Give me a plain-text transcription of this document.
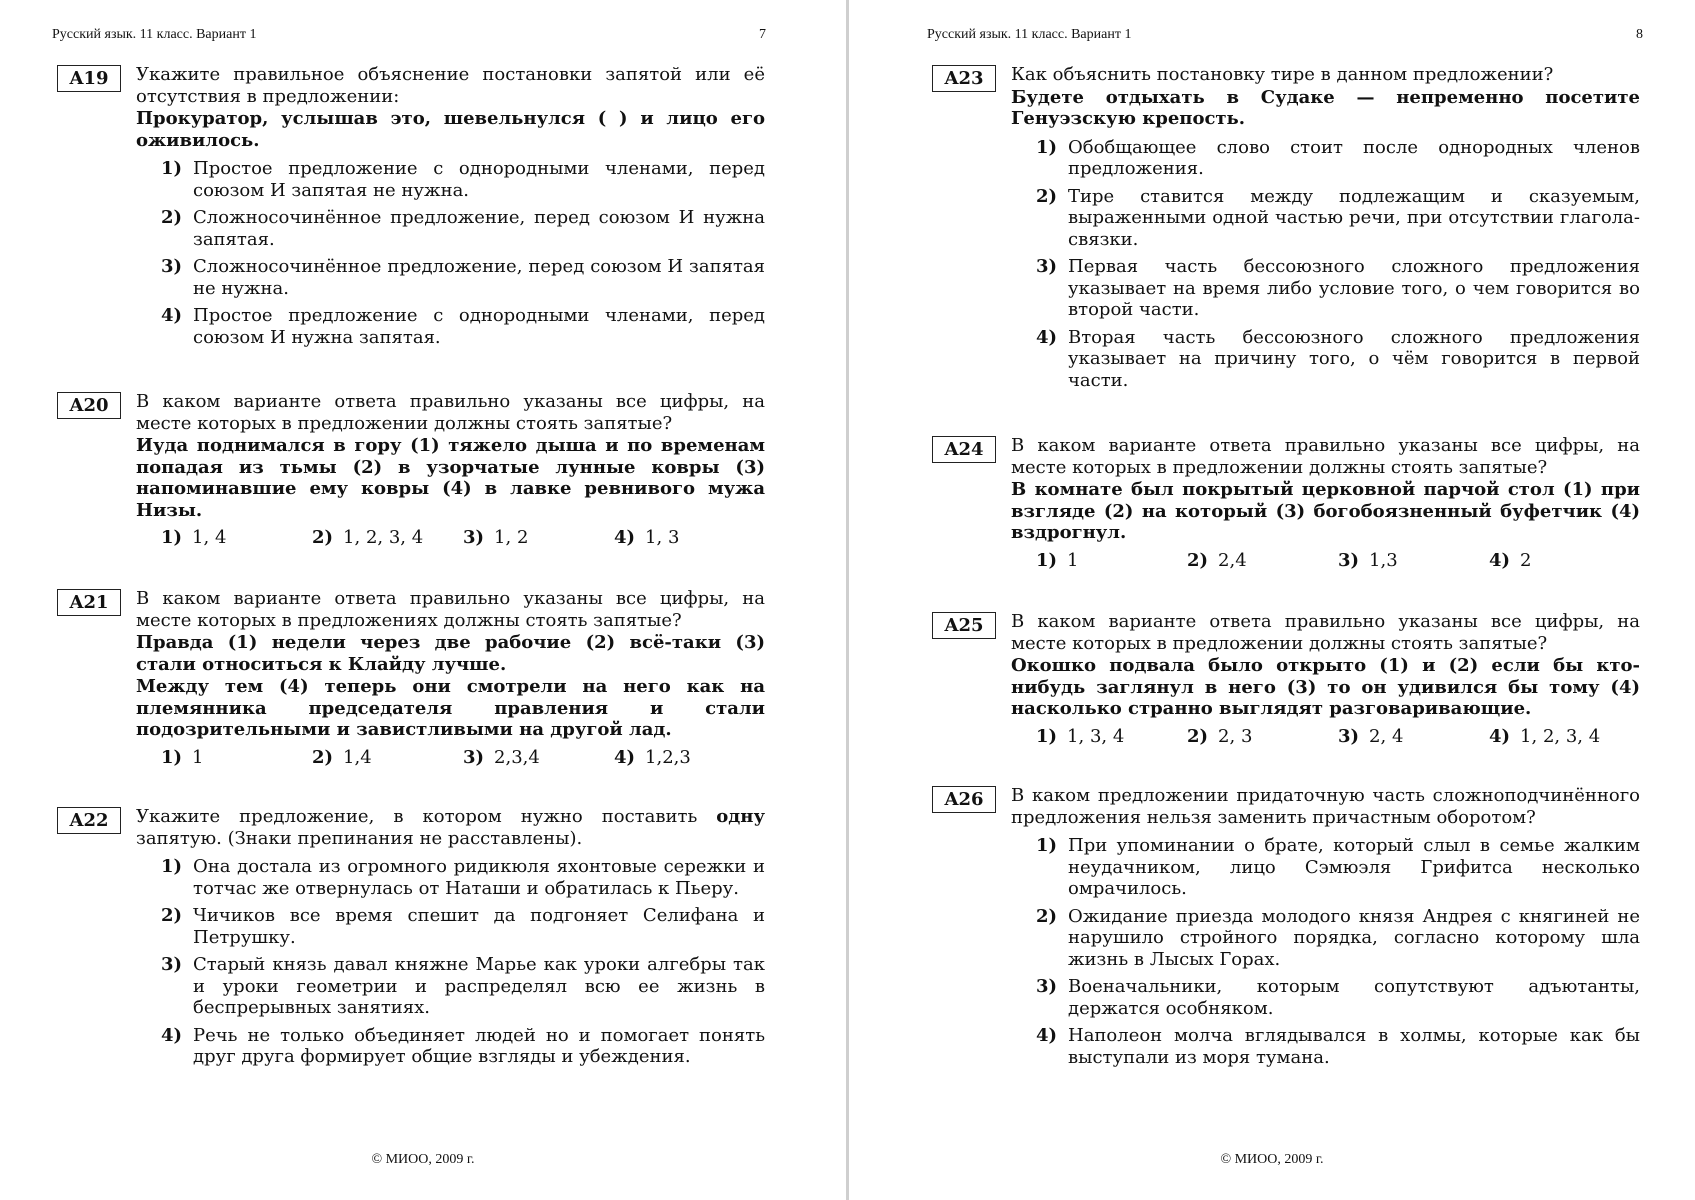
Русский язык. 11 класс. Вариант 1	7
A19	Укажите правильное объяснение постановки запятой или её отсутствия в предложении:
Прокуратор, услышав это, шевельнулся ( ) и лицо его оживилось.
1) Простое предложение с однородными членами, перед союзом И запятая не нужна.
2) Сложносочинённое предложение, перед союзом И нужна запятая.
3) Сложносочинённое предложение, перед союзом И запятая не нужна.
4) Простое предложение с однородными членами, перед союзом И нужна запятая.
A20	В каком варианте ответа правильно указаны все цифры, на месте которых в предложении должны стоять запятые?
Иуда поднимался в гору (1) тяжело дыша и по временам попадая из тьмы (2) в узорчатые лунные ковры (3) напоминавшие ему ковры (4) в лавке ревнивого мужа Низы.
1) 1, 4	2) 1, 2, 3, 4	3) 1, 2	4) 1, 3
A21	В каком варианте ответа правильно указаны все цифры, на месте которых в предложениях должны стоять запятые?
Правда (1) недели через две рабочие (2) всё-таки (3) стали относиться к Клайду лучше.
Между тем (4) теперь они смотрели на него как на племянника председателя правления и стали подозрительными и завистливыми на другой лад.
1) 1	2) 1,4	3) 2,3,4	4) 1,2,3
A22	Укажите предложение, в котором нужно поставить одну запятую. (Знаки препинания не расставлены).
1) Она достала из огромного ридикюля яхонтовые сережки и тотчас же отвернулась от Наташи и обратилась к Пьеру.
2) Чичиков все время спешит да подгоняет Селифана и Петрушку.
3) Старый князь давал княжне Марье как уроки алгебры так и уроки геометрии и распределял всю ее жизнь в беспрерывных занятиях.
4) Речь не только объединяет людей но и помогает понять друг друга формирует общие взгляды и убеждения.
© МИОО, 2009 г.
Русский язык. 11 класс. Вариант 1	8
A23	Как объяснить постановку тире в данном предложении?
Будете отдыхать в Судаке — непременно посетите Генуэзскую крепость.
1) Обобщающее слово стоит после однородных членов предложения.
2) Тире ставится между подлежащим и сказуемым, выраженными одной частью речи, при отсутствии глагола-связки.
3) Первая часть бессоюзного сложного предложения указывает на время либо условие того, о чем говорится во второй части.
4) Вторая часть бессоюзного сложного предложения указывает на причину того, о чём говорится в первой части.
A24	В каком варианте ответа правильно указаны все цифры, на месте которых в предложении должны стоять запятые?
В комнате был покрытый церковной парчой стол (1) при взгляде (2) на который (3) богобоязненный буфетчик (4) вздрогнул.
1) 1	2) 2,4	3) 1,3	4) 2
A25	В каком варианте ответа правильно указаны все цифры, на месте которых в предложении должны стоять запятые?
Окошко подвала было открыто (1) и (2) если бы кто-нибудь заглянул в него (3) то он удивился бы тому (4) насколько странно выглядят разговаривающие.
1) 1, 3, 4	2) 2, 3	3) 2, 4	4) 1, 2, 3, 4
A26	В каком предложении придаточную часть сложноподчинённого предложения нельзя заменить причастным оборотом?
1) При упоминании о брате, который слыл в семье жалким неудачником, лицо Сэмюэля Грифитса несколько омрачилось.
2) Ожидание приезда молодого князя Андрея с княгиней не нарушило стройного порядка, согласно которому шла жизнь в Лысых Горах.
3) Военачальники, которым сопутствуют адъютанты, держатся особняком.
4) Наполеон молча вглядывался в холмы, которые как бы выступали из моря тумана.
© МИОО, 2009 г.
